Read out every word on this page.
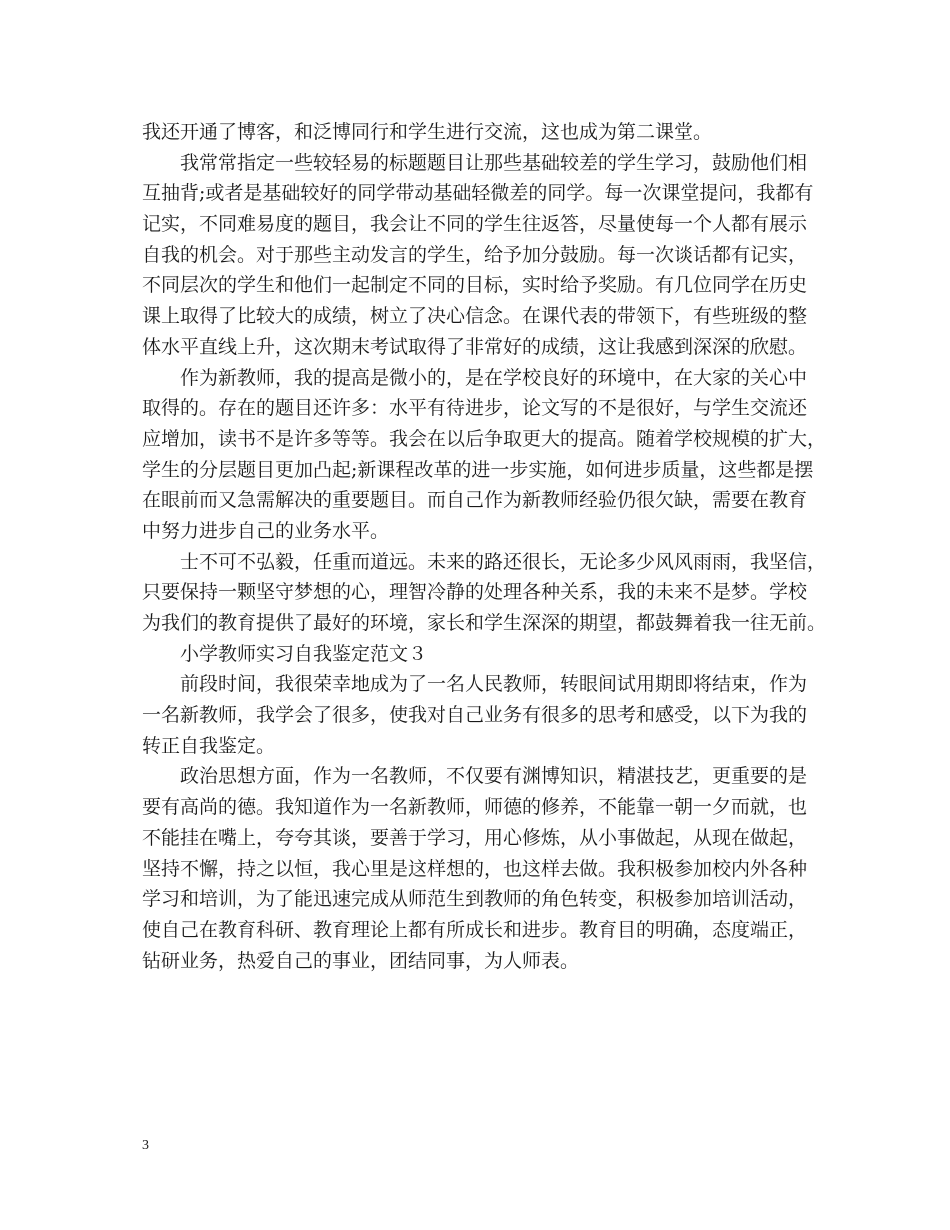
我还开通了博客，和泛博同行和学生进行交流，这也成为第二课堂。
我常常指定一些较轻易的标题题目让那些基础较差的学生学习，鼓励他们相
互抽背;或者是基础较好的同学带动基础轻微差的同学。每一次课堂提问，我都有
记实，不同难易度的题目，我会让不同的学生往返答，尽量使每一个人都有展示
自我的机会。对于那些主动发言的学生，给予加分鼓励。每一次谈话都有记实，
不同层次的学生和他们一起制定不同的目标，实时给予奖励。有几位同学在历史
课上取得了比较大的成绩，树立了决心信念。在课代表的带领下，有些班级的整
体水平直线上升，这次期末考试取得了非常好的成绩，这让我感到深深的欣慰。
作为新教师，我的提高是微小的，是在学校良好的环境中，在大家的关心中
取得的。存在的题目还许多：水平有待进步，论文写的不是很好，与学生交流还
应增加，读书不是许多等等。我会在以后争取更大的提高。随着学校规模的扩大，
学生的分层题目更加凸起;新课程改革的进一步实施，如何进步质量，这些都是摆
在眼前而又急需解决的重要题目。而自己作为新教师经验仍很欠缺，需要在教育
中努力进步自己的业务水平。
士不可不弘毅，任重而道远。未来的路还很长，无论多少风风雨雨，我坚信，
只要保持一颗坚守梦想的心，理智冷静的处理各种关系，我的未来不是梦。学校
为我们的教育提供了最好的环境，家长和学生深深的期望，都鼓舞着我一往无前。
小学教师实习自我鉴定范文３
前段时间，我很荣幸地成为了一名人民教师，转眼间试用期即将结束，作为
一名新教师，我学会了很多，使我对自己业务有很多的思考和感受，以下为我的
转正自我鉴定。
政治思想方面，作为一名教师，不仅要有渊博知识，精湛技艺，更重要的是
要有高尚的德。我知道作为一名新教师，师德的修养，不能靠一朝一夕而就，也
不能挂在嘴上，夸夸其谈，要善于学习，用心修炼，从小事做起，从现在做起，
坚持不懈，持之以恒，我心里是这样想的，也这样去做。我积极参加校内外各种
学习和培训，为了能迅速完成从师范生到教师的角色转变，积极参加培训活动，
使自己在教育科研、教育理论上都有所成长和进步。教育目的明确，态度端正，
钻研业务，热爱自己的事业，团结同事，为人师表。
3
